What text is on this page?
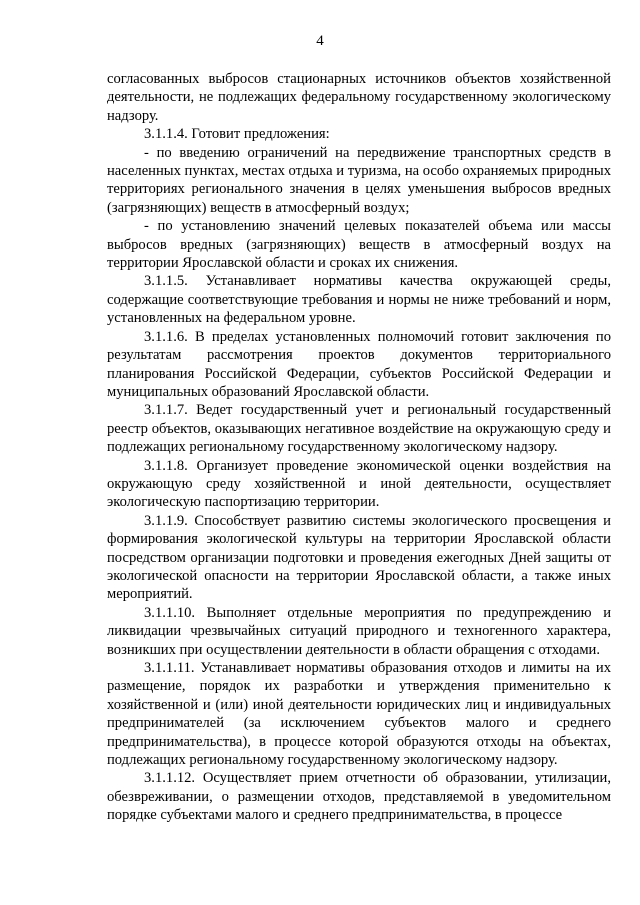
4

согласованных выбросов стационарных источников объектов хозяйственной деятельности, не подлежащих федеральному государственному экологическому надзору.

3.1.1.4. Готовит предложения:

- по введению ограничений на передвижение транспортных средств в населенных пунктах, местах отдыха и туризма, на особо охраняемых природных территориях регионального значения в целях уменьшения выбросов вредных (загрязняющих) веществ в атмосферный воздух;

- по установлению значений целевых показателей объема или массы выбросов вредных (загрязняющих) веществ в атмосферный воздух на территории Ярославской области и сроках их снижения.

3.1.1.5. Устанавливает нормативы качества окружающей среды, содержащие соответствующие требования и нормы не ниже требований и норм, установленных на федеральном уровне.

3.1.1.6. В пределах установленных полномочий готовит заключения по результатам рассмотрения проектов документов территориального планирования Российской Федерации, субъектов Российской Федерации и муниципальных образований Ярославской области.

3.1.1.7. Ведет государственный учет и региональный государственный реестр объектов, оказывающих негативное воздействие на окружающую среду и подлежащих региональному государственному экологическому надзору.

3.1.1.8. Организует проведение экономической оценки воздействия на окружающую среду хозяйственной и иной деятельности, осуществляет экологическую паспортизацию территории.

3.1.1.9. Способствует развитию системы экологического просвещения и формирования экологической культуры на территории Ярославской области посредством организации подготовки и проведения ежегодных Дней защиты от экологической опасности на территории Ярославской области, а также иных мероприятий.

3.1.1.10. Выполняет отдельные мероприятия по предупреждению и ликвидации чрезвычайных ситуаций природного и техногенного характера, возникших при осуществлении деятельности в области обращения с отходами.

3.1.1.11. Устанавливает нормативы образования отходов и лимиты на их размещение, порядок их разработки и утверждения применительно к хозяйственной и (или) иной деятельности юридических лиц и индивидуальных предпринимателей (за исключением субъектов малого и среднего предпринимательства), в процессе которой образуются отходы на объектах, подлежащих региональному государственному экологическому надзору.

3.1.1.12. Осуществляет прием отчетности об образовании, утилизации, обезвреживании, о размещении отходов, представляемой в уведомительном порядке субъектами малого и среднего предпринимательства, в процессе
